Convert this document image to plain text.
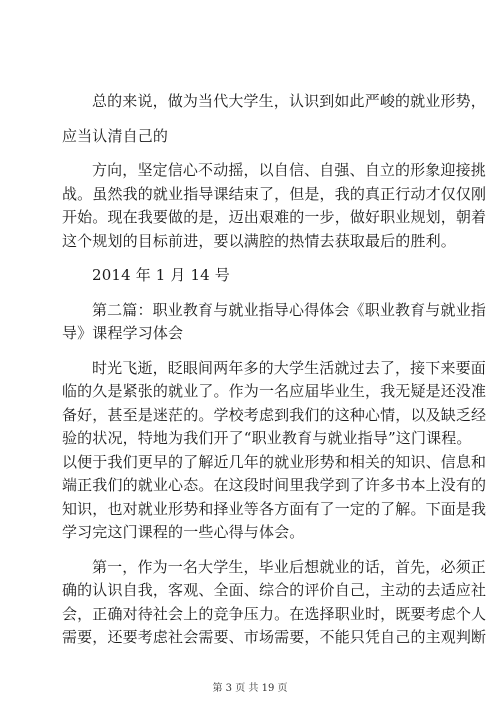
总的来说，做为当代大学生，认识到如此严峻的就业形势，
应当认清自己的
方向，坚定信心不动摇，以自信、自强、自立的形象迎接挑
战。虽然我的就业指导课结束了，但是，我的真正行动才仅仅刚
开始。现在我要做的是，迈出艰难的一步，做好职业规划，朝着
这个规划的目标前进，要以满腔的热情去获取最后的胜利。
2014 年 1 月 14 号
第二篇：职业教育与就业指导心得体会《职业教育与就业指
导》课程学习体会
时光飞逝，眨眼间两年多的大学生活就过去了，接下来要面
临的久是紧张的就业了。作为一名应届毕业生，我无疑是还没准
备好，甚至是迷茫的。学校考虑到我们的这种心情，以及缺乏经
验的状况，特地为我们开了“职业教育与就业指导”这门课程。
以便于我们更早的了解近几年的就业形势和相关的知识、信息和
端正我们的就业心态。在这段时间里我学到了许多书本上没有的
知识，也对就业形势和择业等各方面有了一定的了解。下面是我
学习完这门课程的一些心得与体会。
第一，作为一名大学生，毕业后想就业的话，首先，必须正
确的认识自我，客观、全面、综合的评价自己，主动的去适应社
会，正确对待社会上的竞争压力。在选择职业时，既要考虑个人
需要，还要考虑社会需要、市场需要，不能只凭自己的主观判断
第 3 页 共 19 页
